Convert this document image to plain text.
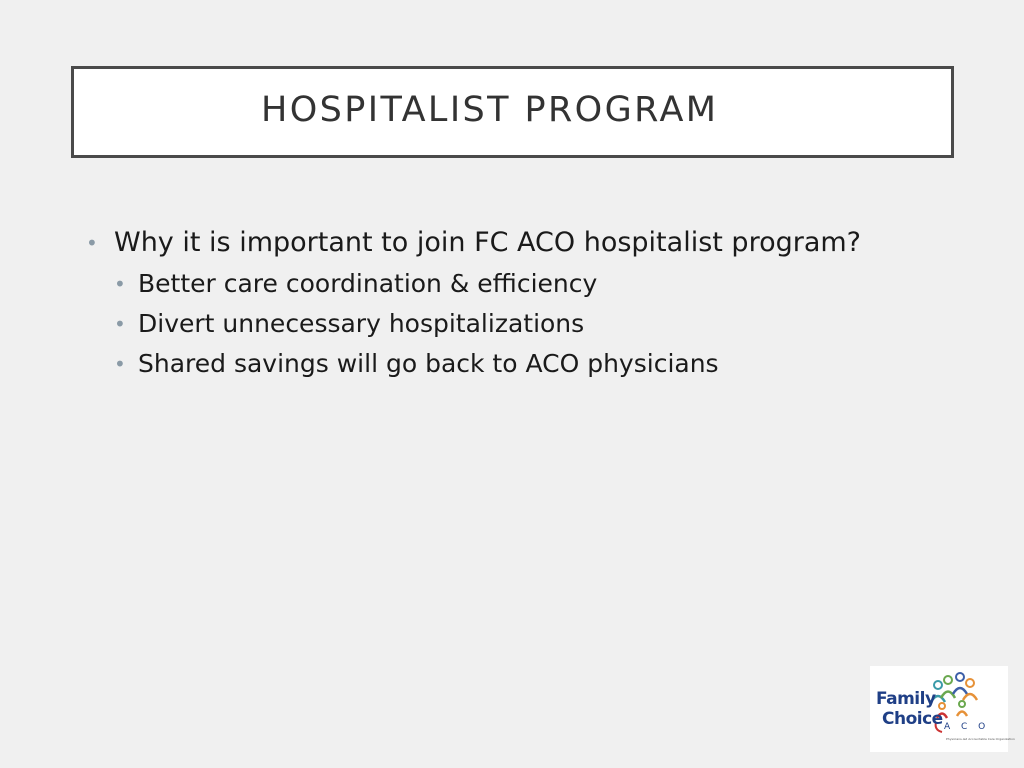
HOSPITALIST PROGRAM
• Why it is important to join FC ACO hospitalist program?
• Better care coordination & efficiency
• Divert unnecessary hospitalizations
• Shared savings will go back to ACO physicians
Family
Choice A C O
Physicians-led Accountable Care Organization
